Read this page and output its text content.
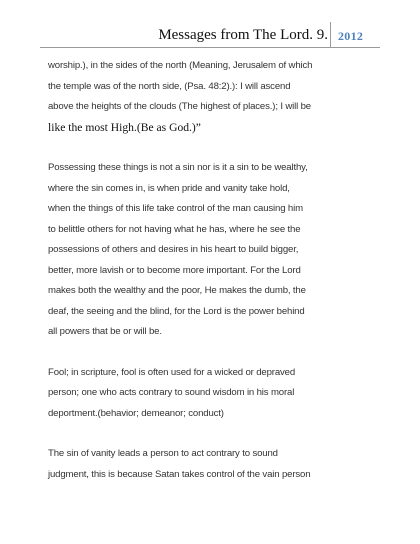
Messages from The Lord. 9. 2012
worship.), in the sides of the north (Meaning, Jerusalem of which
the temple was of the north side, (Psa. 48:2).): I will ascend
above the heights of the clouds (The highest of places.); I will be
like the most High.(Be as God.)”
Possessing these things is not a sin nor is it a sin to be wealthy,
where the sin comes in, is when pride and vanity take hold,
when the things of this life take control of the man causing him
to belittle others for not having what he has, where he see the
possessions of others and desires in his heart to build bigger,
better, more lavish or to become more important. For the Lord
makes both the wealthy and the poor, He makes the dumb, the
deaf, the seeing and the blind, for the Lord is the power behind
all powers that be or will be.
Fool; in scripture, fool is often used for a wicked or depraved
person; one who acts contrary to sound wisdom in his moral
deportment.(behavior; demeanor; conduct)
The sin of vanity leads a person to act contrary to sound
judgment, this is because Satan takes control of the vain person
